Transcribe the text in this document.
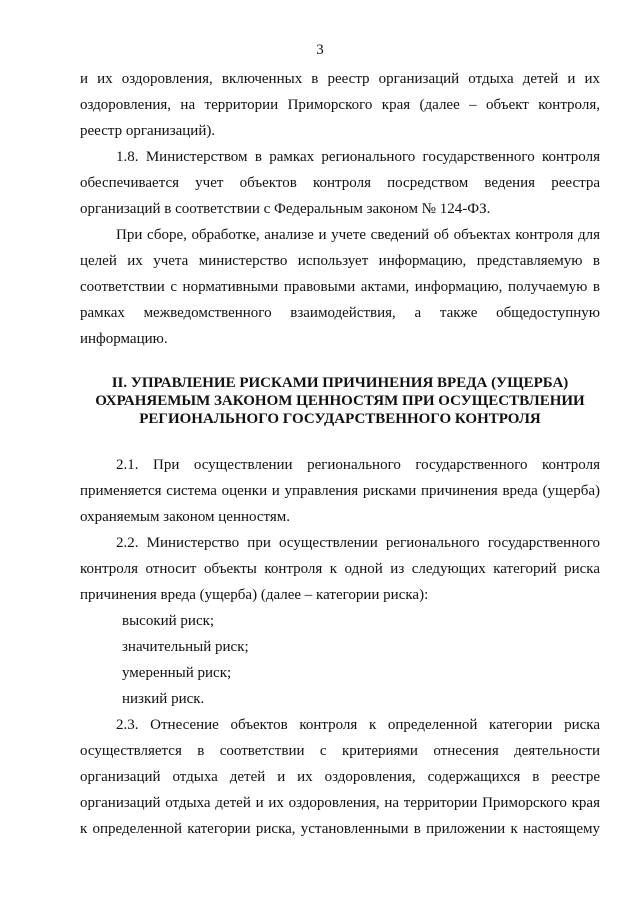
3

и их оздоровления, включенных в реестр организаций отдыха детей и их оздоровления, на территории Приморского края (далее – объект контроля, реестр организаций).

1.8. Министерством в рамках регионального государственного контроля обеспечивается учет объектов контроля посредством ведения реестра организаций в соответствии с Федеральным законом № 124-ФЗ.

При сборе, обработке, анализе и учете сведений об объектах контроля для целей их учета министерство использует информацию, представляемую в соответствии с нормативными правовыми актами, информацию, получаемую в рамках межведомственного взаимодействия, а также общедоступную информацию.

II. УПРАВЛЕНИЕ РИСКАМИ ПРИЧИНЕНИЯ ВРЕДА (УЩЕРБА)
ОХРАНЯЕМЫМ ЗАКОНОМ ЦЕННОСТЯМ ПРИ ОСУЩЕСТВЛЕНИИ
РЕГИОНАЛЬНОГО ГОСУДАРСТВЕННОГО КОНТРОЛЯ

2.1. При осуществлении регионального государственного контроля применяется система оценки и управления рисками причинения вреда (ущерба) охраняемым законом ценностям.

2.2. Министерство при осуществлении регионального государственного контроля относит объекты контроля к одной из следующих категорий риска причинения вреда (ущерба) (далее – категории риска):

высокий риск;

значительный риск;

умеренный риск;

низкий риск.

2.3. Отнесение объектов контроля к определенной категории риска осуществляется в соответствии с критериями отнесения деятельности организаций отдыха детей и их оздоровления, содержащихся в реестре организаций отдыха детей и их оздоровления, на территории Приморского края к определенной категории риска, установленными в приложении к настоящему
